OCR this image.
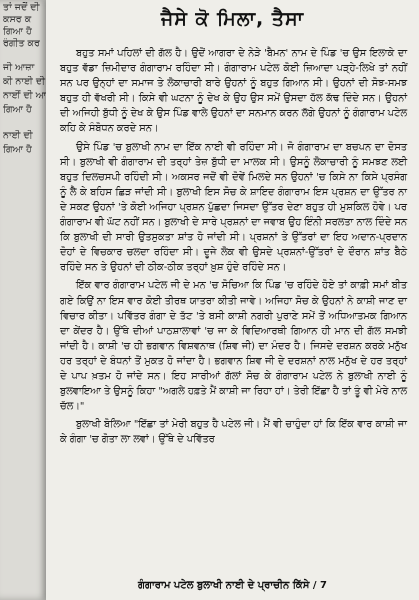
ਤਾਂ ਜਦੋਂ ਦੀ
ਕਸਰ ਕ
ਗਿਆ ਹੈ
ਰੰਗੀਤ ਕਰ
ਜੀ ਆਜ਼ਾ
ਕੀ ਨਾਈ ਦੀ
ਨਾਈਂ ਦੀ ਆ
ਗਿਆ ਹੈ
ਨਾਈ ਦੀ
ਗਿਆ ਹੈ
ਜੈਸੇ ਕੋ ਮਿਲਾ, ਤੈਸਾ

ਬਹੁਤ ਸਮਾਂ ਪਹਿਲਾਂ ਦੀ ਗੱਲ ਹੈ। ਉਦੋਂ ਆਗਰਾ ਦੇ ਨੇੜੇ 'ਬੈਮਨ' ਨਾਮ ਦੇ ਪਿੰਡ 'ਚ ਉਸ ਇਲਾਕੇ ਦਾ ਬਹੁਤ ਵੱਡਾ ਜ਼ਿਮੀਦਾਰ ਗੰਗਾਰਾਮ ਰਹਿੰਦਾ ਸੀ। ਗੰਗਾਰਾਮ ਪਟੇਲ ਕੋਈ ਜ਼ਿਆਦਾ ਪੜ੍ਹੇ-ਲਿਖੇ ਤਾਂ ਨਹੀਂ ਸਨ ਪਰ ਉਨ੍ਹਾਂ ਦਾ ਸਮਾਜ ਤੇ ਲੋਕਾਚਾਰੀ ਬਾਰੇ ਉਹਨਾਂ ਨੂੰ ਬਹੁਤ ਗਿਆਨ ਸੀ। ਉਹਨਾਂ ਦੀ ਸੋਝ-ਸਮਝ ਬਹੁਤ ਹੀ ਵੱਖਰੀ ਸੀ। ਕਿਸੇ ਵੀ ਘਟਨਾ ਨੂੰ ਦੇਖ ਕੇ ਉਹ ਉਸ ਸਮੇਂ ਉਸਦਾ ਹੱਲ ਕੱਢ ਦਿੰਦੇ ਸਨ। ਉਹਨਾਂ ਦੀ ਅਜਿਹੀ ਬੁੱਧੀ ਨੂੰ ਦੇਖ ਕੇ ਉਸ ਪਿੰਡ ਵਾਲੇ ਉਹਨਾਂ ਦਾ ਸਨਮਾਨ ਕਰਨ ਲੱਗੇ ਉਹਨਾਂ ਨੂੰ ਗੰਗਾਰਾਮ ਪਟੇਲ ਕਹਿ ਕੇ ਸੰਬੋਧਨ ਕਰਦੇ ਸਨ।

ਉਸੇ ਪਿੰਡ 'ਚ ਬੁਲਾਖੀ ਨਾਮ ਦਾ ਇੱਕ ਨਾਈ ਵੀ ਰਹਿੰਦਾ ਸੀ। ਜੋ ਗੰਗਾਰਾਮ ਦਾ ਬਚਪਨ ਦਾ ਦੋਸਤ ਸੀ। ਬੁਲਾਖੀ ਵੀ ਗੰਗਾਰਾਮ ਦੀ ਤਰ੍ਹਾਂ ਤੇਜ਼ ਬੁੱਧੀ ਦਾ ਮਾਲਕ ਸੀ। ਉਸਨੂੰ ਲੋਕਾਚਾਰੀ ਨੂੰ ਸਮਝਣ ਲਈ ਬਹੁਤ ਦਿਲਚਸਪੀ ਰਹਿੰਦੀ ਸੀ। ਅਕਸਰ ਜਦੋਂ ਵੀ ਦੋਵੇਂ ਮਿਲਦੇ ਸਨ ਉਹਨਾਂ 'ਚ ਕਿਸੇ ਨਾ ਕਿਸੇ ਪ੍ਰਸੰਗ ਨੂੰ ਲੈ ਕੇ ਬਹਿਸ ਛਿੜ ਜਾਂਦੀ ਸੀ। ਬੁਲਾਖੀ ਇਸ ਸੋਚ ਕੇ ਸ਼ਾਇਦ ਗੰਗਾਰਾਮ ਇਸ ਪ੍ਰਸ਼ਨ ਦਾ ਉੱਤਰ ਨਾ ਦੇ ਸਕਣ ਉਹਨਾਂ 'ਤੇ ਕੋਈ ਅਜਿਹਾ ਪ੍ਰਸ਼ਨ ਪੁੱਛਦਾ ਜਿਸਦਾ ਉੱਤਰ ਦੇਣਾ ਬਹੁਤ ਹੀ ਮੁਸ਼ਕਿਲ ਹੋਵੇ। ਪਰ ਗੰਗਾਰਾਮ ਵੀ ਘੱਟ ਨਹੀਂ ਸਨ। ਬੁਲਾਖੀ ਦੇ ਸਾਰੇ ਪ੍ਰਸ਼ਨਾਂ ਦਾ ਜਵਾਬ ਉਹ ਇੰਨੀ ਸਰਲਤਾ ਨਾਲ ਦਿੰਦੇ ਸਨ ਕਿ ਬੁਲਾਖੀ ਦੀ ਸਾਰੀ ਉਤਸੁਕਤਾ ਸ਼ਾਂਤ ਹੋ ਜਾਂਦੀ ਸੀ। ਪ੍ਰਸ਼ਨਾਂ ਤੇ ਉੱਤਰਾਂ ਦਾ ਇਹ ਅਦਾਨ-ਪ੍ਰਦਾਨ ਦੋਹਾਂ ਦੇ ਵਿਚਕਾਰ ਚਲਦਾ ਰਹਿੰਦਾ ਸੀ। ਦੂਜੇ ਲੋਕ ਵੀ ਉਸਦੇ ਪ੍ਰਸ਼ਨਾਂ-ਉੱਤਰਾਂ ਦੇ ਦੌਰਾਨ ਸ਼ਾਂਤ ਬੈਠੇ ਰਹਿੰਦੇ ਸਨ ਤੇ ਉਹਨਾਂ ਦੀ ਠੀਕ-ਠੀਕ ਤਰ੍ਹਾਂ ਖ਼ੁਸ਼ ਹੁੰਦੇ ਰਹਿੰਦੇ ਸਨ।

ਇੱਕ ਵਾਰ ਗੰਗਾਰਾਮ ਪਟੇਲ ਜੀ ਦੇ ਮਨ 'ਚ ਸੋਚਿਆ ਕਿ ਪਿੰਡ 'ਚ ਰਹਿੰਦੇ ਹੋਏ ਤਾਂ ਕਾਫ਼ੀ ਸਮਾਂ ਬੀਤ ਗਏ ਕਿਉਂ ਨਾ ਇਸ ਵਾਰ ਕੋਈ ਤੀਰਥ ਯਾਤਰਾ ਕੀਤੀ ਜਾਵੇ। ਅਜਿਹਾ ਸੋਚ ਕੇ ਉਹਨਾਂ ਨੇ ਕਾਸ਼ੀ ਜਾਣ ਦਾ ਵਿਚਾਰ ਕੀਤਾ। ਪਵਿੱਤਰ ਗੰਗਾ ਦੇ ਤੱਟ 'ਤੇ ਬਸੀ ਕਾਸ਼ੀ ਨਗਰੀ ਪੁਰਾਣੇ ਸਮੇਂ ਤੋਂ ਅਧਿਆਤਮਕ ਗਿਆਨ ਦਾ ਕੇਂਦਰ ਹੈ। ਉੱਥੇ ਦੀਆਂ ਪਾਠਸ਼ਾਲਾਵਾਂ 'ਚ ਜਾ ਕੇ ਵਿਦਿਆਰਥੀ ਗਿਆਨ ਹੀ ਮਾਨ ਦੀ ਗੱਲ ਸਮਝੀ ਜਾਂਦੀ ਹੈ। ਕਾਸ਼ੀ 'ਚ ਹੀ ਭਗਵਾਨ ਵਿਸ਼ਵਨਾਥ (ਸ਼ਿਵ ਜੀ) ਦਾ ਮੰਦਰ ਹੈ। ਜਿਸਦੇ ਦਰਸ਼ਨ ਕਰਕੇ ਮਨੁੱਖ ਹਰ ਤਰ੍ਹਾਂ ਦੇ ਬੰਧਨਾਂ ਤੋਂ ਮੁਕਤ ਹੋ ਜਾਂਦਾ ਹੈ। ਭਗਵਾਨ ਸ਼ਿਵ ਜੀ ਦੇ ਦਰਸ਼ਨਾਂ ਨਾਲ ਮਨੁੱਖ ਦੇ ਹਰ ਤਰ੍ਹਾਂ ਦੇ ਪਾਪ ਖ਼ਤਮ ਹੋ ਜਾਂਦੇ ਸਨ। ਇਹ ਸਾਰੀਆਂ ਗੱਲਾਂ ਸੋਚ ਕੇ ਗੰਗਾਰਾਮ ਪਟੇਲ ਨੇ ਬੁਲਾਖੀ ਨਾਈ ਨੂੰ ਬੁਲਵਾਇਆ ਤੇ ਉਸਨੂੰ ਕਿਹਾ "ਅਗਲੇ ਹਫ਼ਤੇ ਮੈਂ ਕਾਸ਼ੀ ਜਾ ਰਿਹਾ ਹਾਂ। ਤੇਰੀ ਇੱਛਾ ਹੈ ਤਾਂ ਤੂੰ ਵੀ ਮੇਰੇ ਨਾਲ ਚੱਲ।"

ਬੁਲਾਖੀ ਬੋਲਿਆ "ਇੱਛਾ ਤਾਂ ਮੇਰੀ ਬਹੁਤ ਹੈ ਪਟੇਲ ਜੀ। ਮੈਂ ਵੀ ਚਾਹੁੰਦਾ ਹਾਂ ਕਿ ਇੱਕ ਵਾਰ ਕਾਸ਼ੀ ਜਾ ਕੇ ਗੰਗਾ 'ਚ ਗੋਤਾ ਲਾ ਲਵਾਂ। ਉੱਥੇ ਦੇ ਪਵਿੱਤਰ

ਗੰਗਾਰਾਮ ਪਟੇਲ ਬੁਲਾਖੀ ਨਾਈ ਦੇ ਪ੍ਰਾਚੀਨ ਕਿੱਸੇ / 7
